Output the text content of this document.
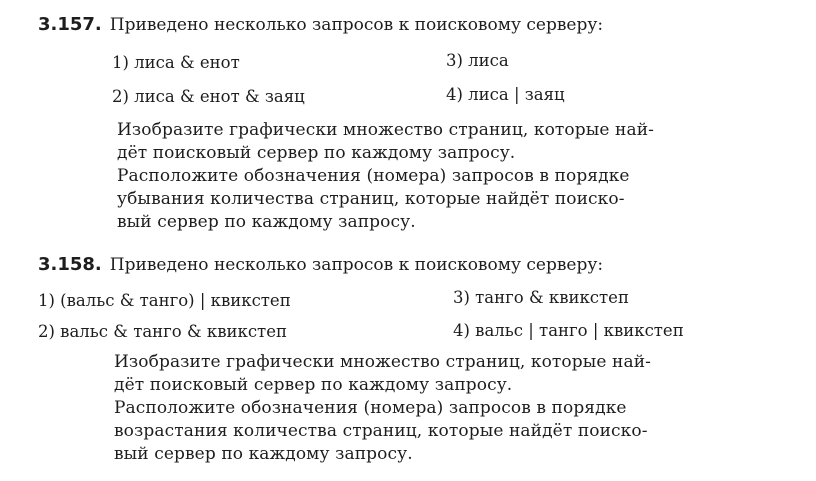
3.157. Приведено несколько запросов к поисковому серверу:
1) лиса & енот	3) лиса
2) лиса & енот & заяц	4) лиса | заяц
Изобразите графически множество страниц, которые най-
дёт поисковый сервер по каждому запросу.
Расположите обозначения (номера) запросов в порядке
убывания количества страниц, которые найдёт поиско-
вый сервер по каждому запросу.
3.158. Приведено несколько запросов к поисковому серверу:
1) (вальс & танго) | квикстеп	3) танго & квикстеп
2) вальс & танго & квикстеп	4) вальс | танго | квикстеп
Изобразите графически множество страниц, которые най-
дёт поисковый сервер по каждому запросу.
Расположите обозначения (номера) запросов в порядке
возрастания количества страниц, которые найдёт поиско-
вый сервер по каждому запросу.
